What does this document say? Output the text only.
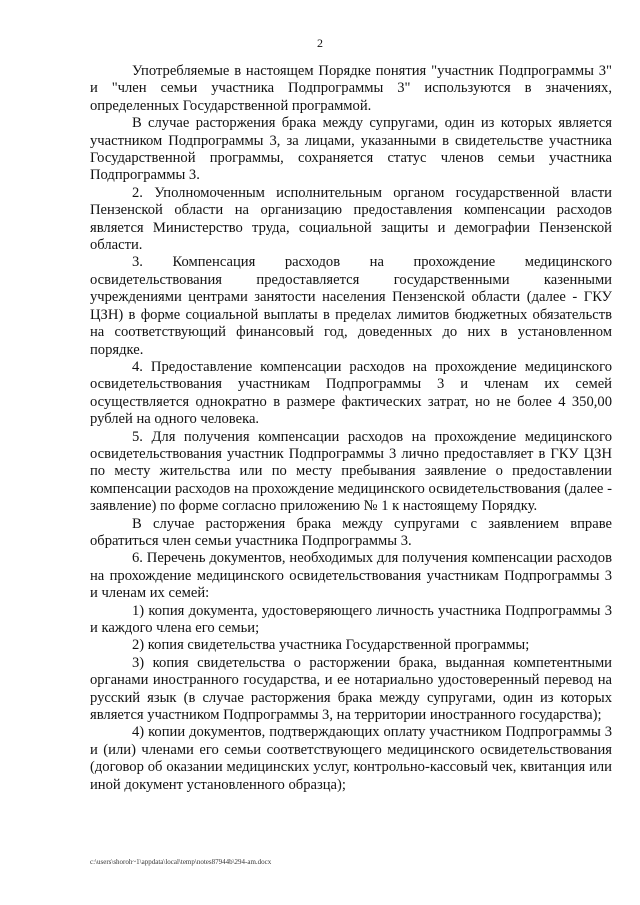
2

Употребляемые в настоящем Порядке понятия "участник Подпрограммы 3" и "член семьи участника Подпрограммы 3" используются в значениях, определенных Государственной программой.

В случае расторжения брака между супругами, один из которых является участником Подпрограммы 3, за лицами, указанными в свидетельстве участника Государственной программы, сохраняется статус членов семьи участника Подпрограммы 3.

2. Уполномоченным исполнительным органом государственной власти Пензенской области на организацию предоставления компенсации расходов является Министерство труда, социальной защиты и демографии Пензенской области.

3. Компенсация расходов на прохождение медицинского освидетельствования предоставляется государственными казенными учреждениями центрами занятости населения Пензенской области (далее - ГКУ ЦЗН) в форме социальной выплаты в пределах лимитов бюджетных обязательств на соответствующий финансовый год, доведенных до них в установленном порядке.

4. Предоставление компенсации расходов на прохождение медицинского освидетельствования участникам Подпрограммы 3 и членам их семей осуществляется однократно в размере фактических затрат, но не более 4 350,00 рублей на одного человека.

5. Для получения компенсации расходов на прохождение медицинского освидетельствования участник Подпрограммы 3 лично предоставляет в ГКУ ЦЗН по месту жительства или по месту пребывания заявление о предоставлении компенсации расходов на прохождение медицинского освидетельствования (далее - заявление) по форме согласно приложению № 1 к настоящему Порядку.

В случае расторжения брака между супругами с заявлением вправе обратиться член семьи участника Подпрограммы 3.

6. Перечень документов, необходимых для получения компенсации расходов на прохождение медицинского освидетельствования участникам Подпрограммы 3 и членам их семей:

1) копия документа, удостоверяющего личность участника Подпрограммы 3 и каждого члена его семьи;

2) копия свидетельства участника Государственной программы;

3) копия свидетельства о расторжении брака, выданная компетентными органами иностранного государства, и ее нотариально удостоверенный перевод на русский язык (в случае расторжения брака между супругами, один из которых является участником Подпрограммы 3, на территории иностранного государства);

4) копии документов, подтверждающих оплату участником Подпрограммы 3 и (или) членами его семьи соответствующего медицинского освидетельствования (договор об оказании медицинских услуг, контрольно-кассовый чек, квитанция или иной документ установленного образца);

c:\users\shoroh~1\appdata\local\temp\notes87944b\294-am.docx
